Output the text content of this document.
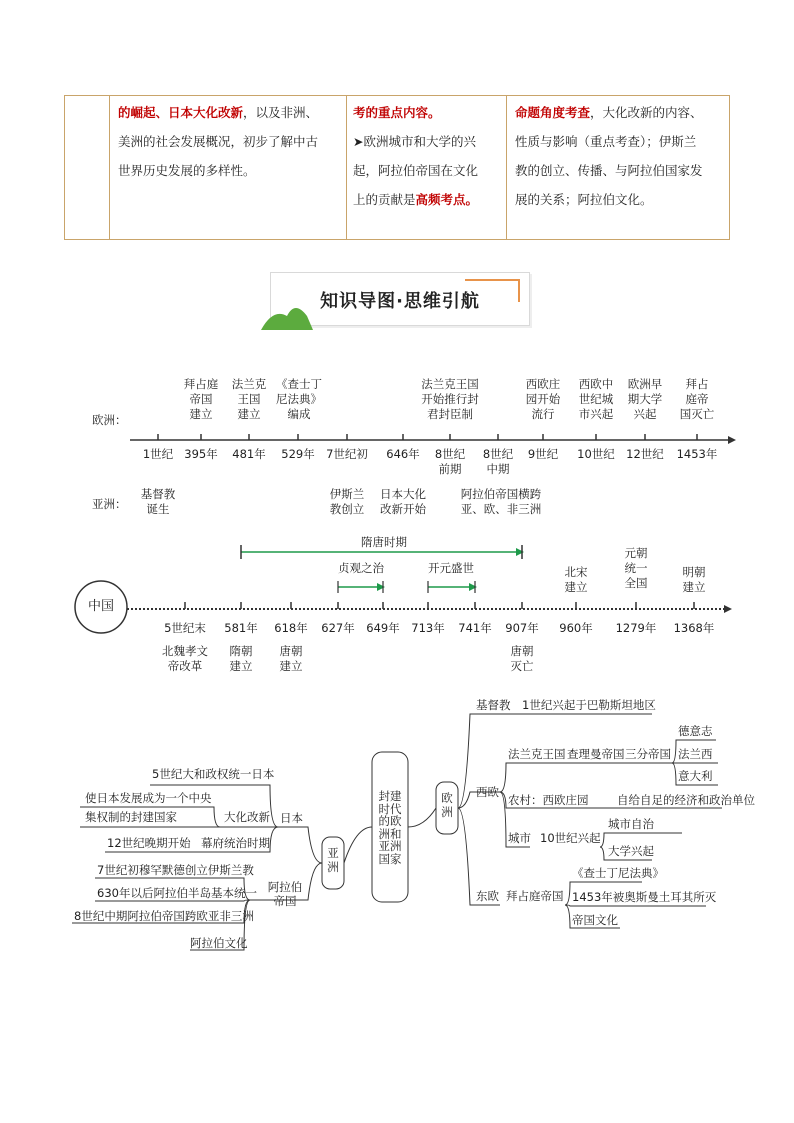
的崛起、日本大化改新，以及非洲、
美洲的社会发展概况，初步了解中古
世界历史发展的多样性。
考的重点内容。
➤欧洲城市和大学的兴
起，阿拉伯帝国在文化
上的贡献是高频考点。
命题角度考查，大化改新的内容、
性质与影响（重点考查）；伊斯兰
教的创立、传播、与阿拉伯国家发
展的关系；阿拉伯文化。
知识导图·思维引航
欧洲：
亚洲：
拜占庭
帝国
建立
法兰克
王国
建立
《查士丁
尼法典》
编成
法兰克王国
开始推行封
君封臣制
西欧庄
园开始
流行
西欧中
世纪城
市兴起
欧洲早
期大学
兴起
拜占
庭帝
国灭亡
1世纪 395年	481年	529年 7世纪初	646年	8世纪
前期
8世纪
中期
9世纪	10世纪 12世纪	1453年
基督教
诞生
伊斯兰
教创立
日本大化
改新开始
阿拉伯帝国横跨
亚、欧、非三洲
隋唐时期
贞观之治	开元盛世
中国
北宋
建立
元朝
统一
全国
明朝
建立
5世纪末	581年	618年	627年	649年	713年	741年	907年	960年	1279年	1368年
北魏孝文
帝改革
隋朝
建立
唐朝
建立
唐朝
灭亡
封建
时代
的欧
洲和
亚洲
国家
亚洲
欧洲
日本
5世纪大和政权统一日本
大化改新
使日本发展成为一个中央
集权制的封建国家
12世纪晚期开始 幕府统治时期
阿拉伯
帝国
7世纪初穆罕默德创立伊斯兰教
630年以后阿拉伯半岛基本统一
8世纪中期阿拉伯帝国跨欧亚非三洲
阿拉伯文化
基督教 1世纪兴起于巴勒斯坦地区
西欧
法兰克王国 查理曼帝国 三分帝国
德意志
法兰西
意大利
农村：西欧庄园 自给自足的经济和政治单位
城市 10世纪兴起
城市自治
大学兴起
东欧 拜占庭帝国
《查士丁尼法典》
1453年被奥斯曼土耳其所灭
帝国文化
